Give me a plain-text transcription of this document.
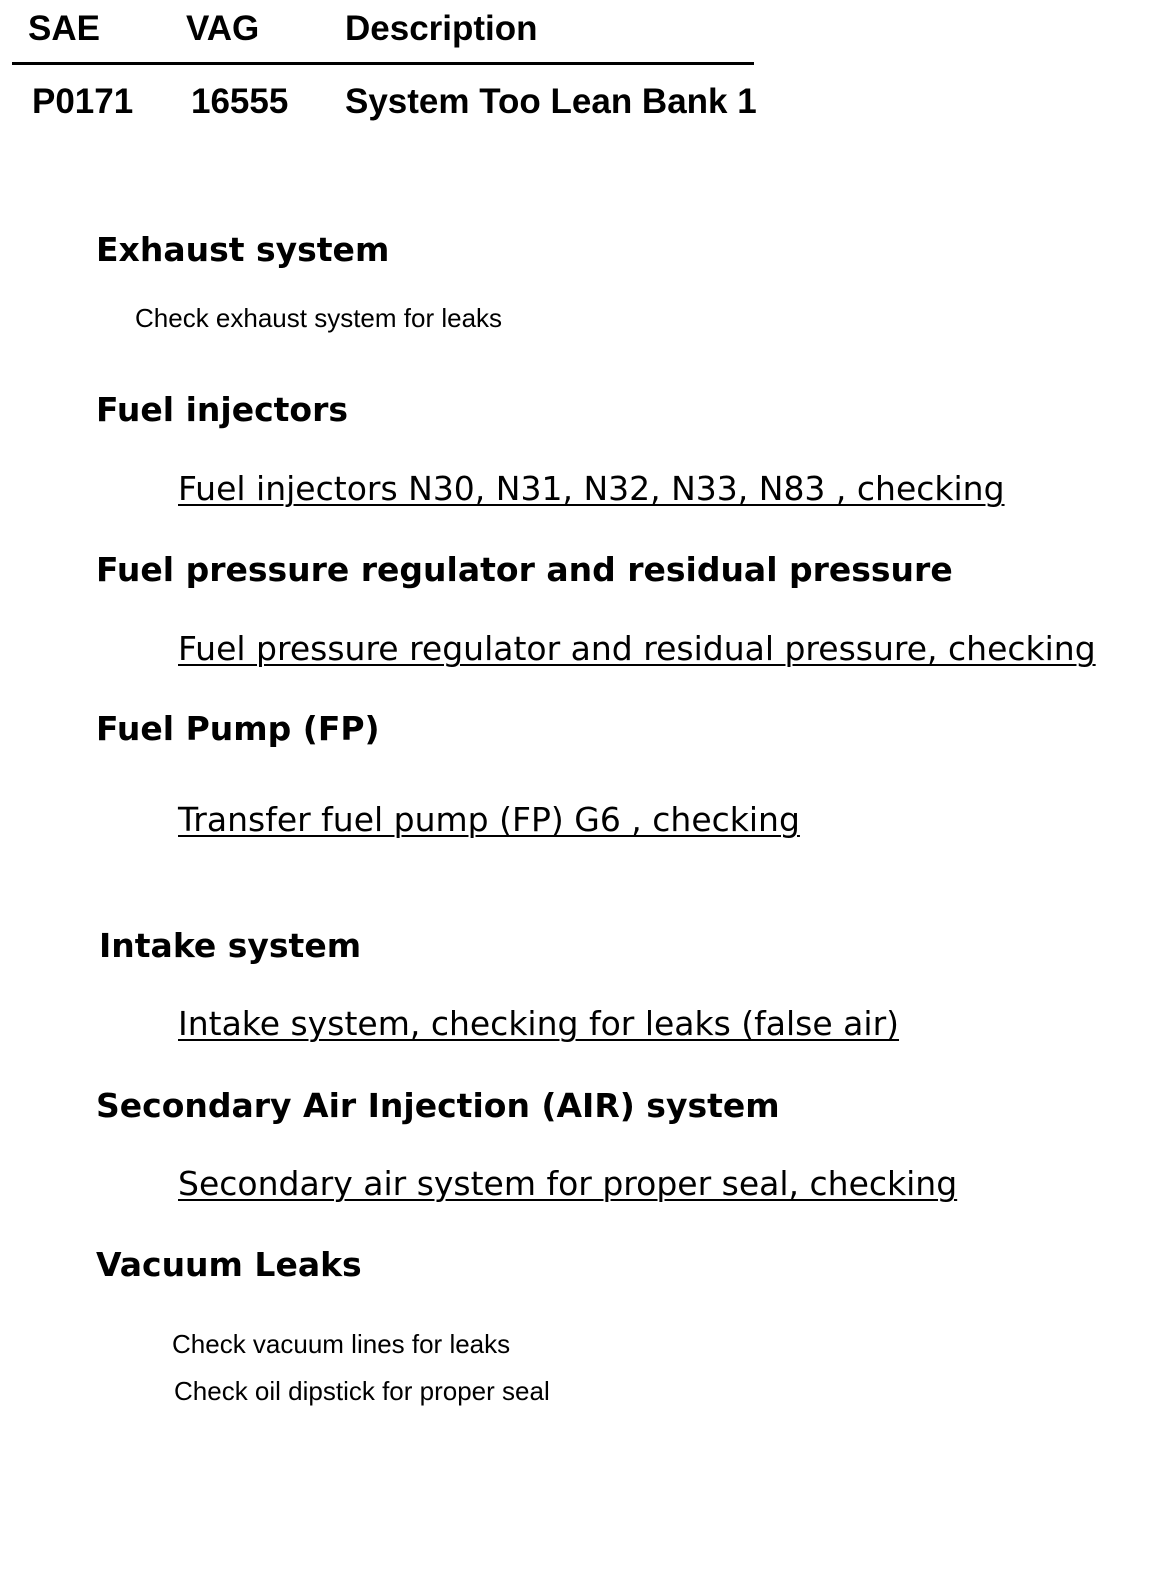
SAE VAG Description
P0171 16555 System Too Lean Bank 1
Exhaust system
Check exhaust system for leaks
Fuel injectors
Fuel injectors N30, N31, N32, N33, N83 , checking
Fuel pressure regulator and residual pressure
Fuel pressure regulator and residual pressure, checking
Fuel Pump (FP)
Transfer fuel pump (FP) G6 , checking
Intake system
Intake system, checking for leaks (false air)
Secondary Air Injection (AIR) system
Secondary air system for proper seal, checking
Vacuum Leaks
Check vacuum lines for leaks
Check oil dipstick for proper seal
